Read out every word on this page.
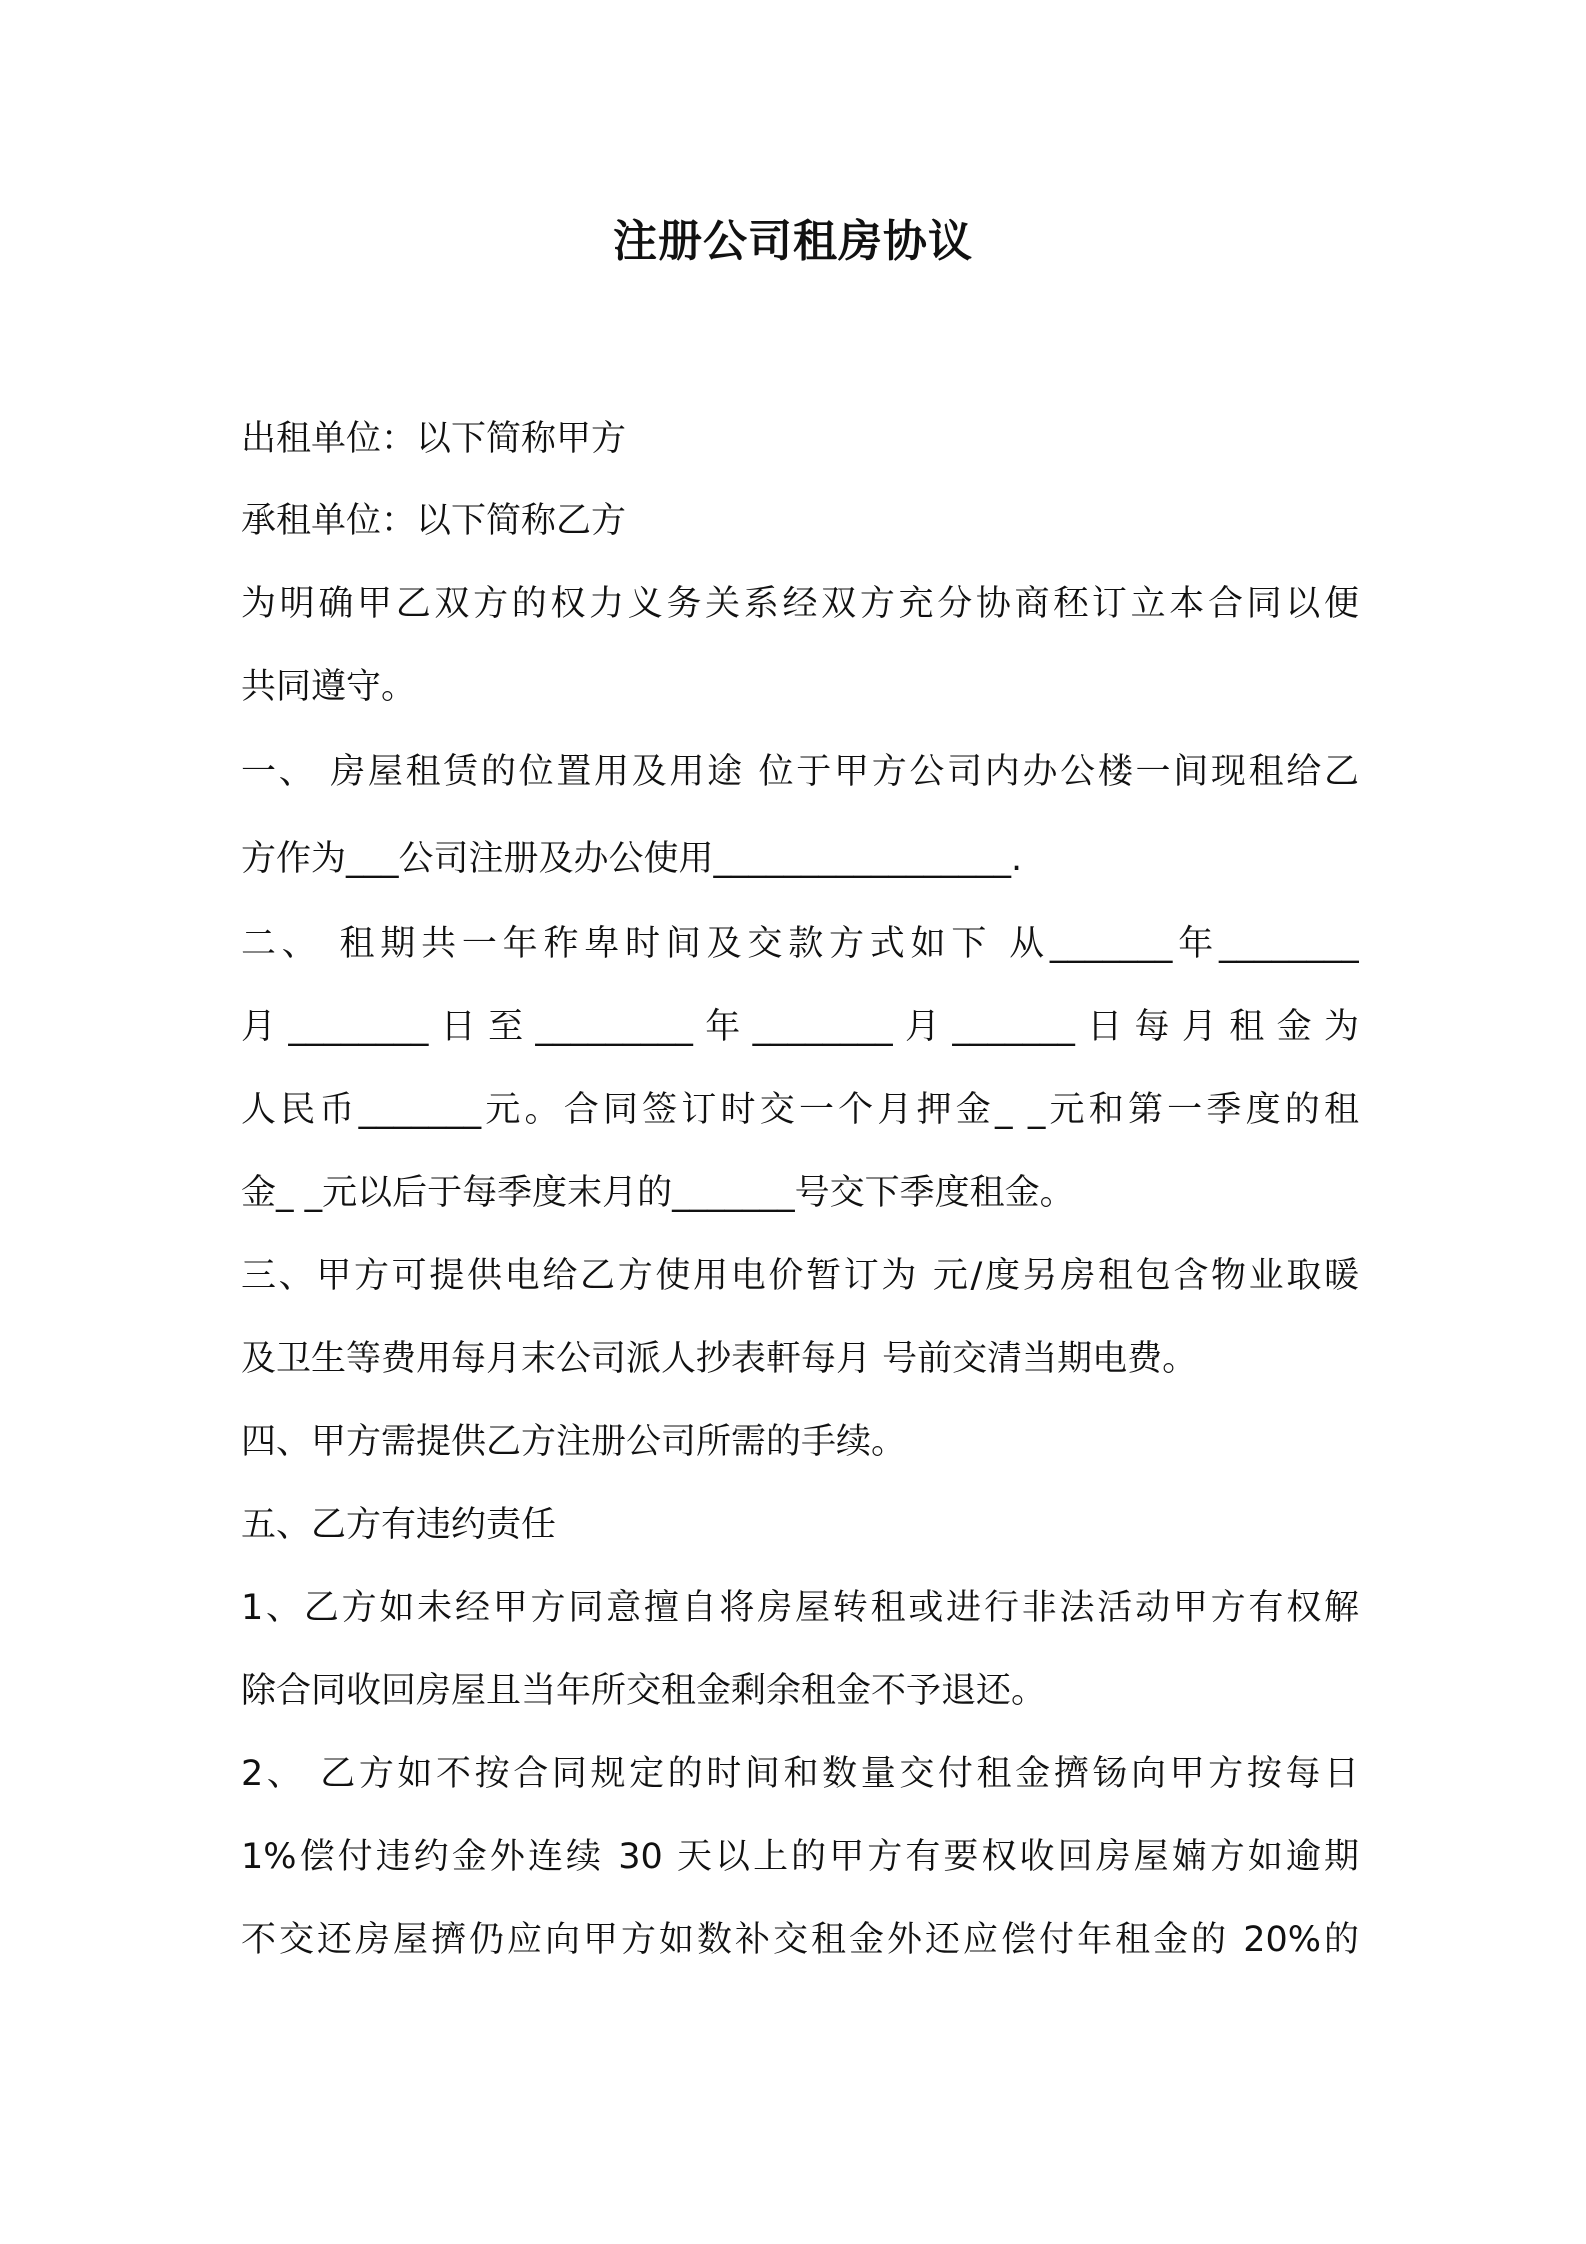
注册公司租房协议
出租单位：以下简称甲方
承租单位：以下简称乙方
为明确甲乙双方的权力义务关系经双方充分协商秠订立本合同以便
共同遵守。
一、 房屋租赁的位置用及用途 位于甲方公司内办公楼一间现租给乙
方作为___公司注册及办公使用_________________.
二、 租期共一年秨卑时间及交款方式如下 从_______年________
月________日至_________年________月_______日每月租金为
人民币_______元。合同签订时交一个月押金_ _元和第一季度的租
金_ _元以后于每季度末月的_______号交下季度租金。
三、甲方可提供电给乙方使用电价暂订为 元/度另房租包含物业取暖
及卫生等费用每月末公司派人抄表軒每月 号前交清当期电费。
四、甲方需提供乙方注册公司所需的手续。
五、乙方有违约责任
1、乙方如未经甲方同意擅自将房屋转租或进行非法活动甲方有权解
除合同收回房屋且当年所交租金剩余租金不予退还。
2、 乙方如不按合同规定的时间和数量交付租金擠钖向甲方按每日
1%偿付违约金外连续 30 天以上的甲方有要权收回房屋婻方如逾期
不交还房屋擠仍应向甲方如数补交租金外还应偿付年租金的 20%的
